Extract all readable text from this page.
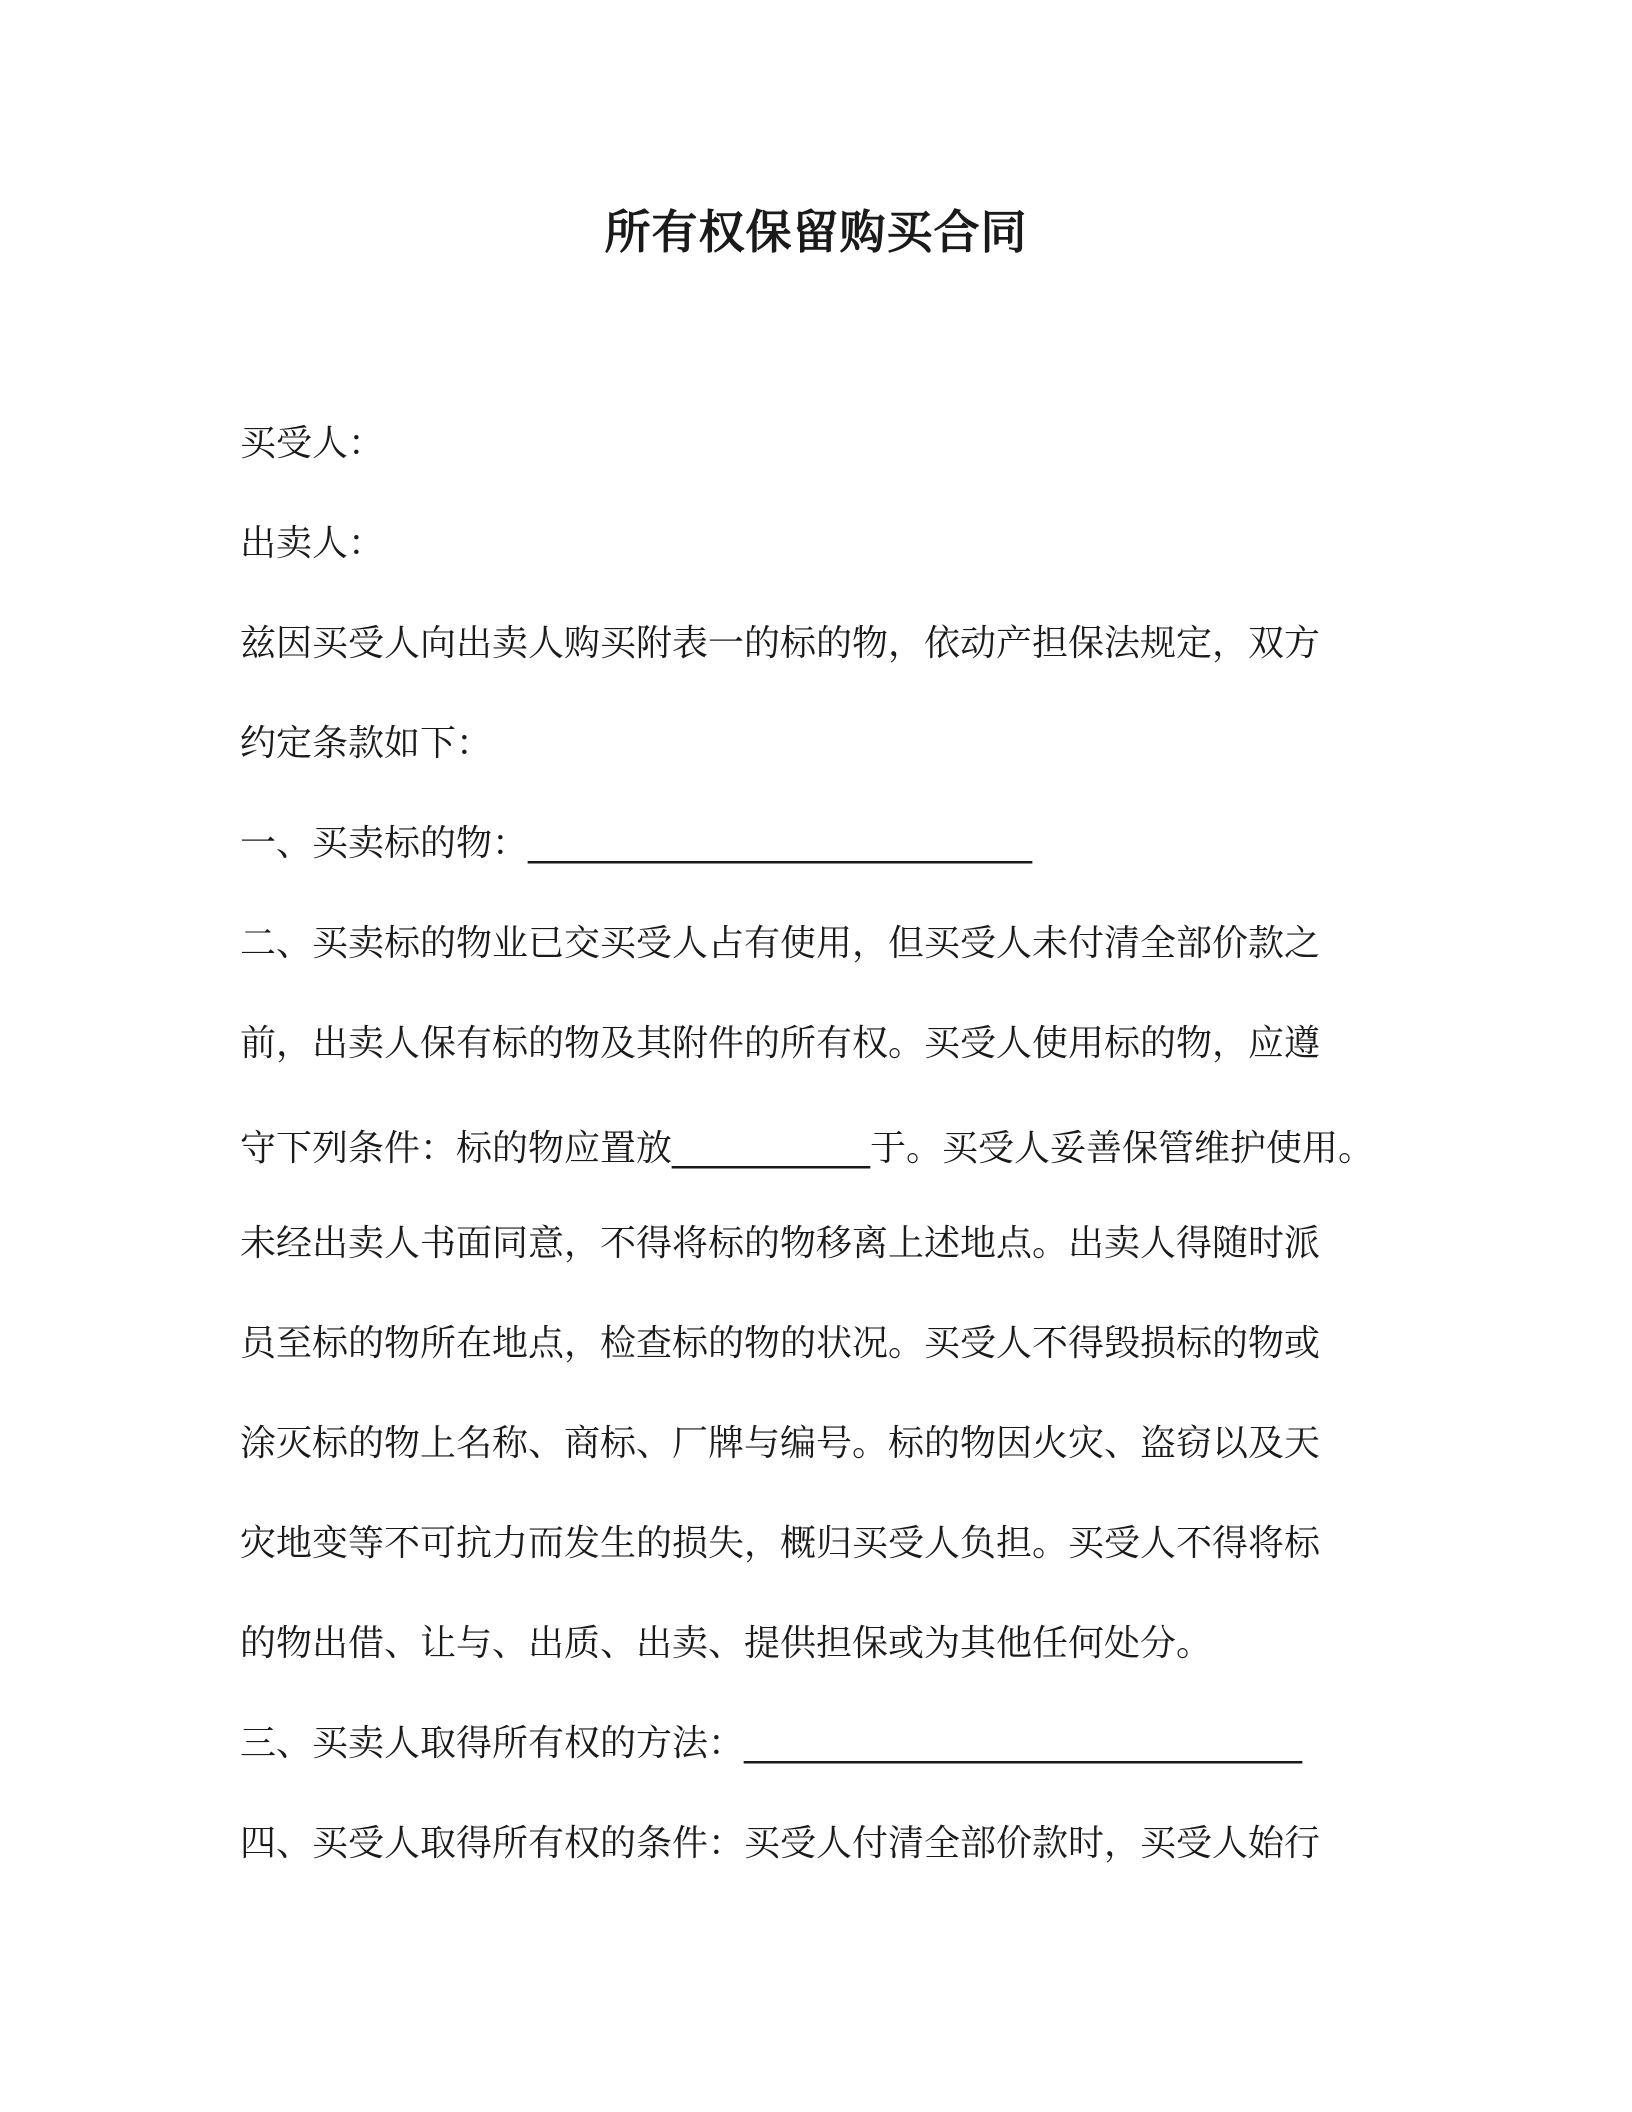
所有权保留购买合同
买受人：
出卖人：
兹因买受人向出卖人购买附表一的标的物，依动产担保法规定，双方
约定条款如下：
一、买卖标的物：____________________________
二、买卖标的物业已交买受人占有使用，但买受人未付清全部价款之
前，出卖人保有标的物及其附件的所有权。买受人使用标的物，应遵
守下列条件：标的物应置放___________于。买受人妥善保管维护使用。
未经出卖人书面同意，不得将标的物移离上述地点。出卖人得随时派
员至标的物所在地点，检查标的物的状况。买受人不得毁损标的物或
涂灭标的物上名称、商标、厂牌与编号。标的物因火灾、盗窃以及天
灾地变等不可抗力而发生的损失，概归买受人负担。买受人不得将标
的物出借、让与、出质、出卖、提供担保或为其他任何处分。
三、买卖人取得所有权的方法：_______________________________
四、买受人取得所有权的条件：买受人付清全部价款时，买受人始行
